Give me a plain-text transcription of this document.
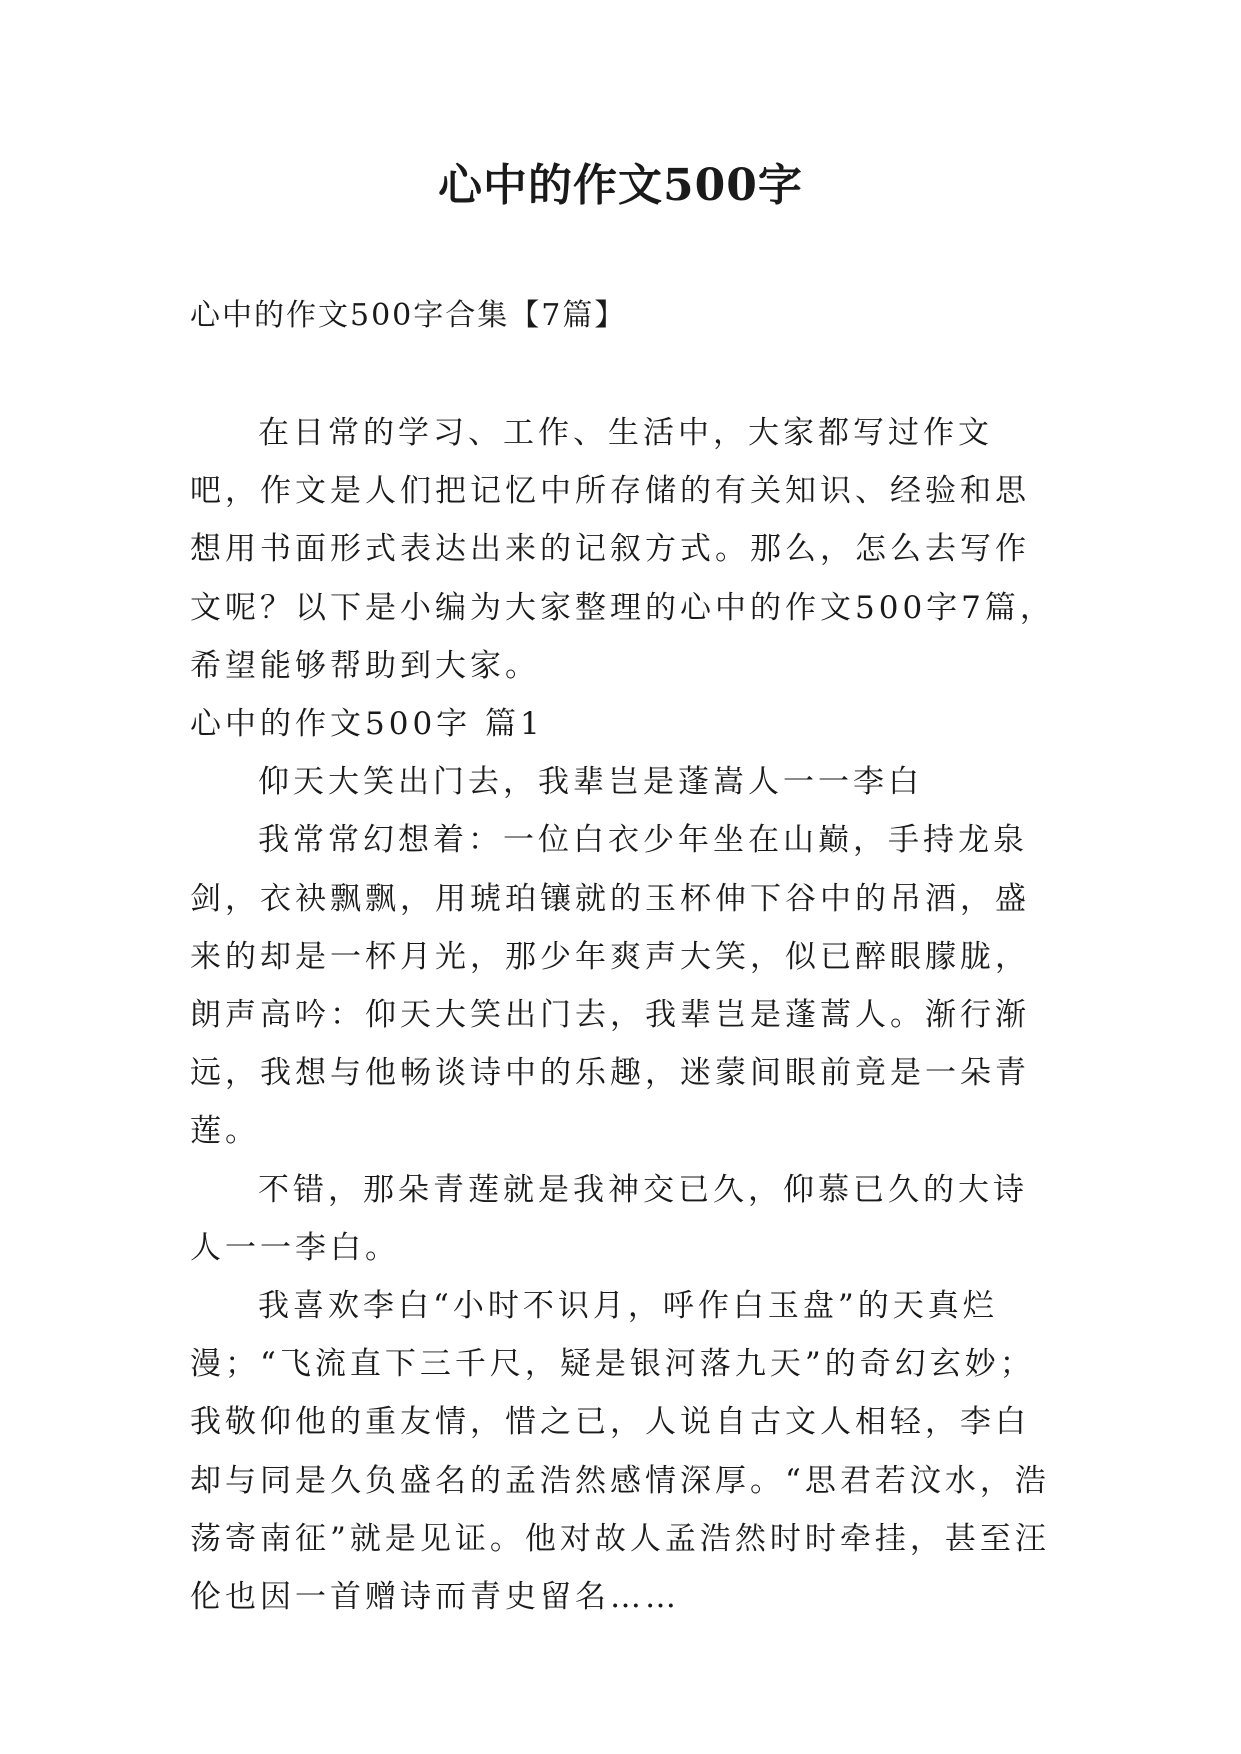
心中的作文500字
心中的作文500字合集【7篇】

在日常的学习、工作、生活中，大家都写过作文吧，作文是人们把记忆中所存储的有关知识、经验和思想用书面形式表达出来的记叙方式。那么，怎么去写作文呢？以下是小编为大家整理的心中的作文500字7篇，希望能够帮助到大家。

心中的作文500字 篇1

仰天大笑出门去，我辈岂是蓬嵩人一一李白

我常常幻想着：一位白衣少年坐在山巅，手持龙泉剑，衣袂飘飘，用琥珀镶就的玉杯伸下谷中的吊酒，盛来的却是一杯月光，那少年爽声大笑，似已醉眼朦胧，朗声高吟：仰天大笑出门去，我辈岂是蓬蒿人。渐行渐远，我想与他畅谈诗中的乐趣，迷蒙间眼前竟是一朵青莲。

不错，那朵青莲就是我神交已久，仰慕已久的大诗人一一李白。

我喜欢李白“小时不识月，呼作白玉盘”的天真烂漫；“飞流直下三千尺，疑是银河落九天”的奇幻玄妙；我敬仰他的重友情，惜之已，人说自古文人相轻，李白却与同是久负盛名的孟浩然感情深厚。“思君若汶水，浩荡寄南征”就是见证。他对故人孟浩然时时牵挂，甚至汪伦也因一首赠诗而青史留名……
